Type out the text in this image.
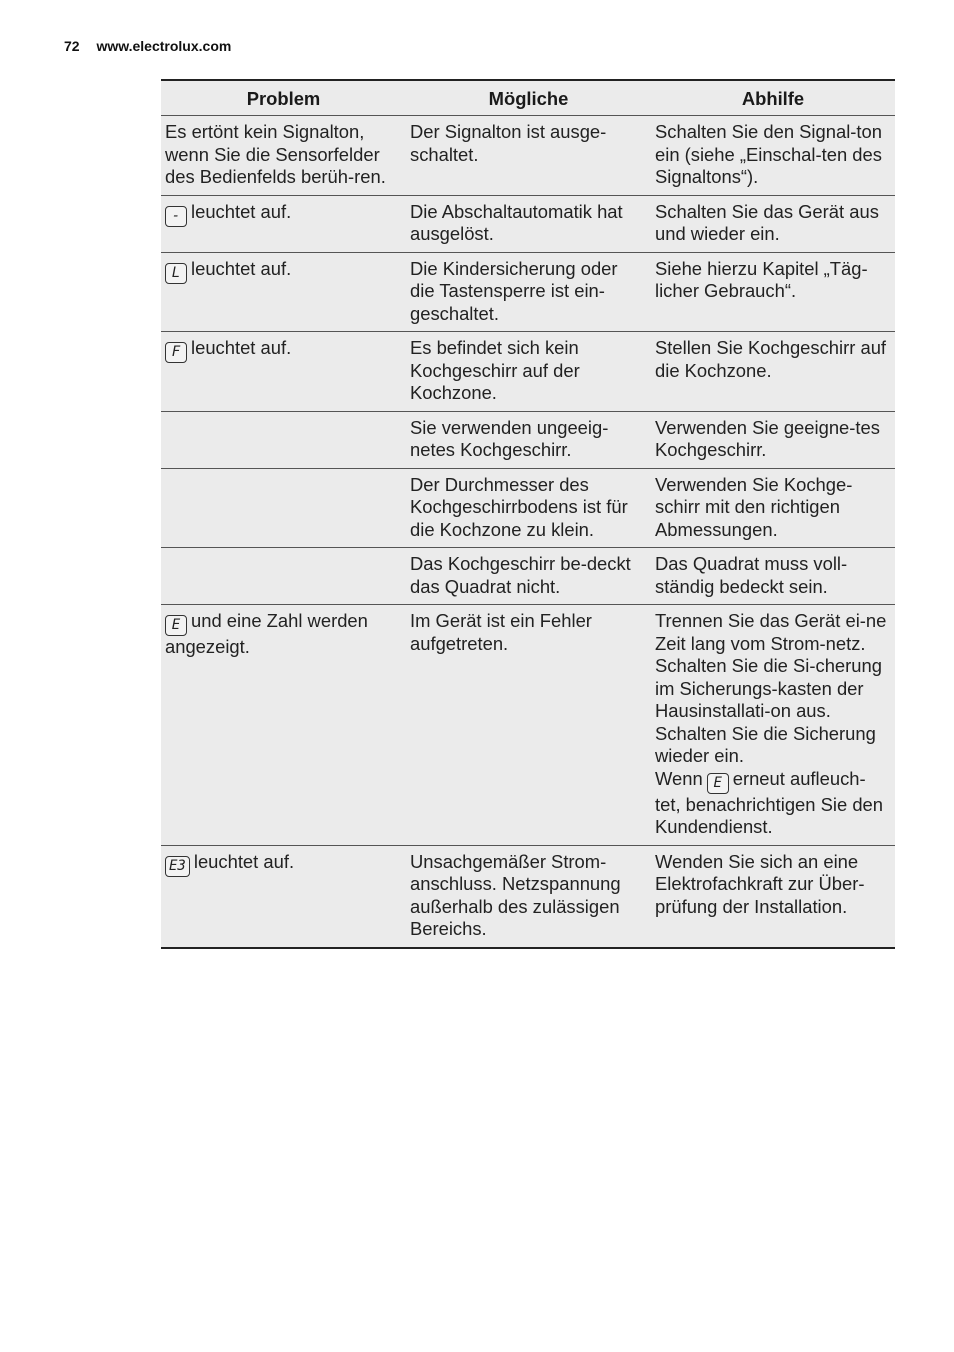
72 www.electrolux.com
Problem	Mögliche	Abhilfe
Es ertönt kein Signalton, wenn Sie die Sensorfelder des Bedienfelds berüh-ren.	Der Signalton ist ausge-schaltet.	Schalten Sie den Signal-ton ein (siehe „Einschal-ten des Signaltons“).
- leuchtet auf.	Die Abschaltautomatik hat ausgelöst.	Schalten Sie das Gerät aus und wieder ein.
L leuchtet auf.	Die Kindersicherung oder die Tastensperre ist ein-geschaltet.	Siehe hierzu Kapitel „Täg-licher Gebrauch“.
F leuchtet auf.	Es befindet sich kein Kochgeschirr auf der Kochzone.	Stellen Sie Kochgeschirr auf die Kochzone.
	Sie verwenden ungeeig-netes Kochgeschirr.	Verwenden Sie geeigne-tes Kochgeschirr.
	Der Durchmesser des Kochgeschirrbodens ist für die Kochzone zu klein.	Verwenden Sie Kochge-schirr mit den richtigen Abmessungen.
	Das Kochgeschirr be-deckt das Quadrat nicht.	Das Quadrat muss voll-ständig bedeckt sein.
E und eine Zahl werden angezeigt.	Im Gerät ist ein Fehler aufgetreten.	Trennen Sie das Gerät ei-ne Zeit lang vom Strom-netz. Schalten Sie die Si-cherung im Sicherungs-kasten der Hausinstallati-on aus. Schalten Sie die Sicherung wieder ein.
Wenn E erneut aufleuch-tet, benachrichtigen Sie den Kundendienst.
E3 leuchtet auf.	Unsachgemäßer Strom-anschluss. Netzspannung außerhalb des zulässigen Bereichs.	Wenden Sie sich an eine Elektrofachkraft zur Über-prüfung der Installation.
